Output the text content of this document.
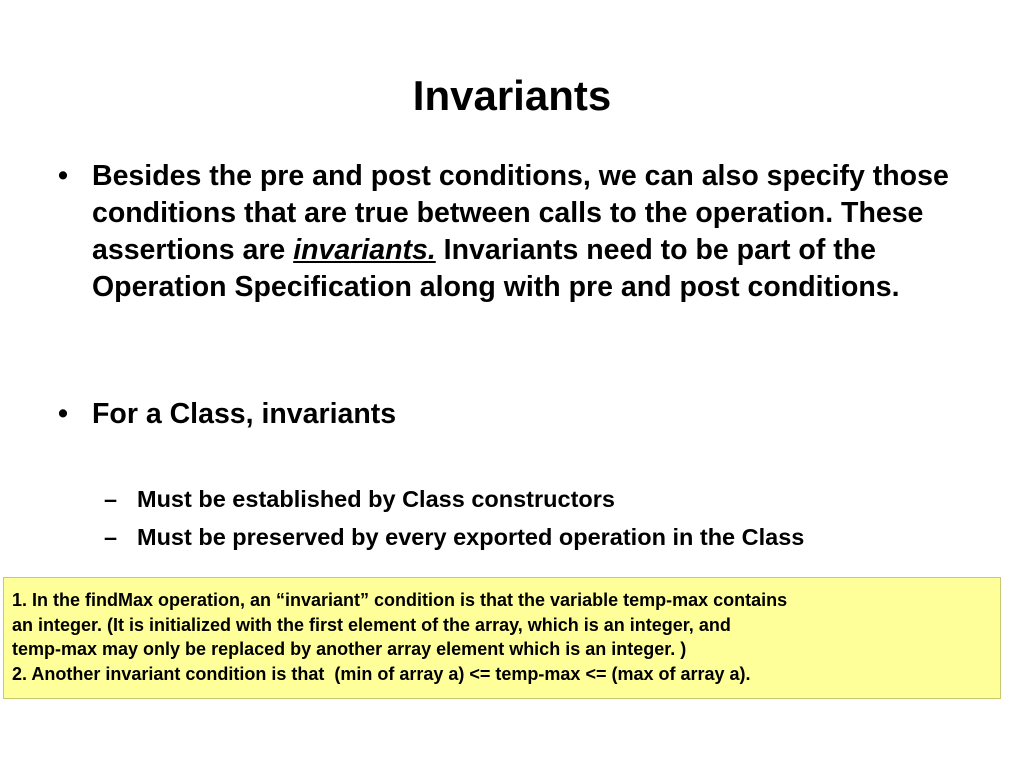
Invariants
• Besides the pre and post conditions, we can also specify those conditions that are true between calls to the operation. These assertions are invariants. Invariants need to be part of the Operation Specification along with pre and post conditions.
• For a Class, invariants
– Must be established by Class constructors
– Must be preserved by every exported operation in the Class
1. In the findMax operation, an “invariant” condition is that the variable temp-max contains
an integer. (It is initialized with the first element of the array, which is an integer, and
temp-max may only be replaced by another array element which is an integer. )
2. Another invariant condition is that  (min of array a) <= temp-max <= (max of array a).
